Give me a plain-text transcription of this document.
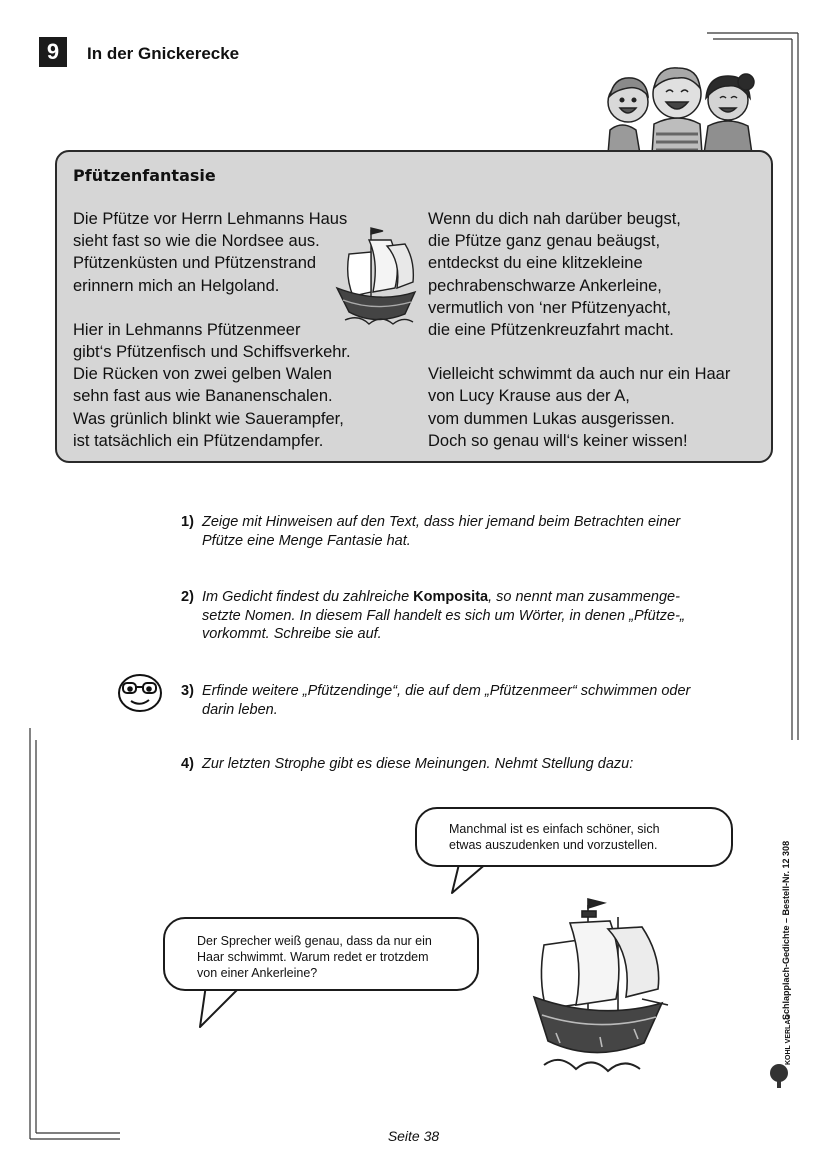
9	In der Gnickerecke
Pfützenfantasie
Die Pfütze vor Herrn Lehmanns Haus
sieht fast so wie die Nordsee aus.
Pfützenküsten und Pfützenstrand
erinnern mich an Helgoland.
Hier in Lehmanns Pfützenmeer
gibt‘s Pfützenfisch und Schiffsverkehr.
Die Rücken von zwei gelben Walen
sehn fast aus wie Bananenschalen.
Was grünlich blinkt wie Sauerampfer,
ist tatsächlich ein Pfützendampfer.
Wenn du dich nah darüber beugst,
die Pfütze ganz genau beäugst,
entdeckst du eine klitzekleine
pechrabenschwarze Ankerleine,
vermutlich von ‘ner Pfützenyacht,
die eine Pfützenkreuzfahrt macht.
Vielleicht schwimmt da auch nur ein Haar
von Lucy Krause aus der A,
vom dummen Lukas ausgerissen.
Doch so genau will‘s keiner wissen!
1) Zeige mit Hinweisen auf den Text, dass hier jemand beim Betrachten einer
Pfütze eine Menge Fantasie hat.
2) Im Gedicht findest du zahlreiche Komposita, so nennt man zusammenge-
setzte Nomen. In diesem Fall handelt es sich um Wörter, in denen „Pfütze-„
vorkommt. Schreibe sie auf.
3) Erfinde weitere „Pfützendinge“, die auf dem „Pfützenmeer“ schwimmen oder
darin leben.
4) Zur letzten Strophe gibt es diese Meinungen. Nehmt Stellung dazu:
Manchmal ist es einfach schöner, sich
etwas auszudenken und vorzustellen.
Der Sprecher weiß genau, dass da nur ein
Haar schwimmt. Warum redet er trotzdem
von einer Ankerleine?	Schlapplach-Gedichte – Bestell-Nr. 12 308
KOHL VERLAG
Seite 38
